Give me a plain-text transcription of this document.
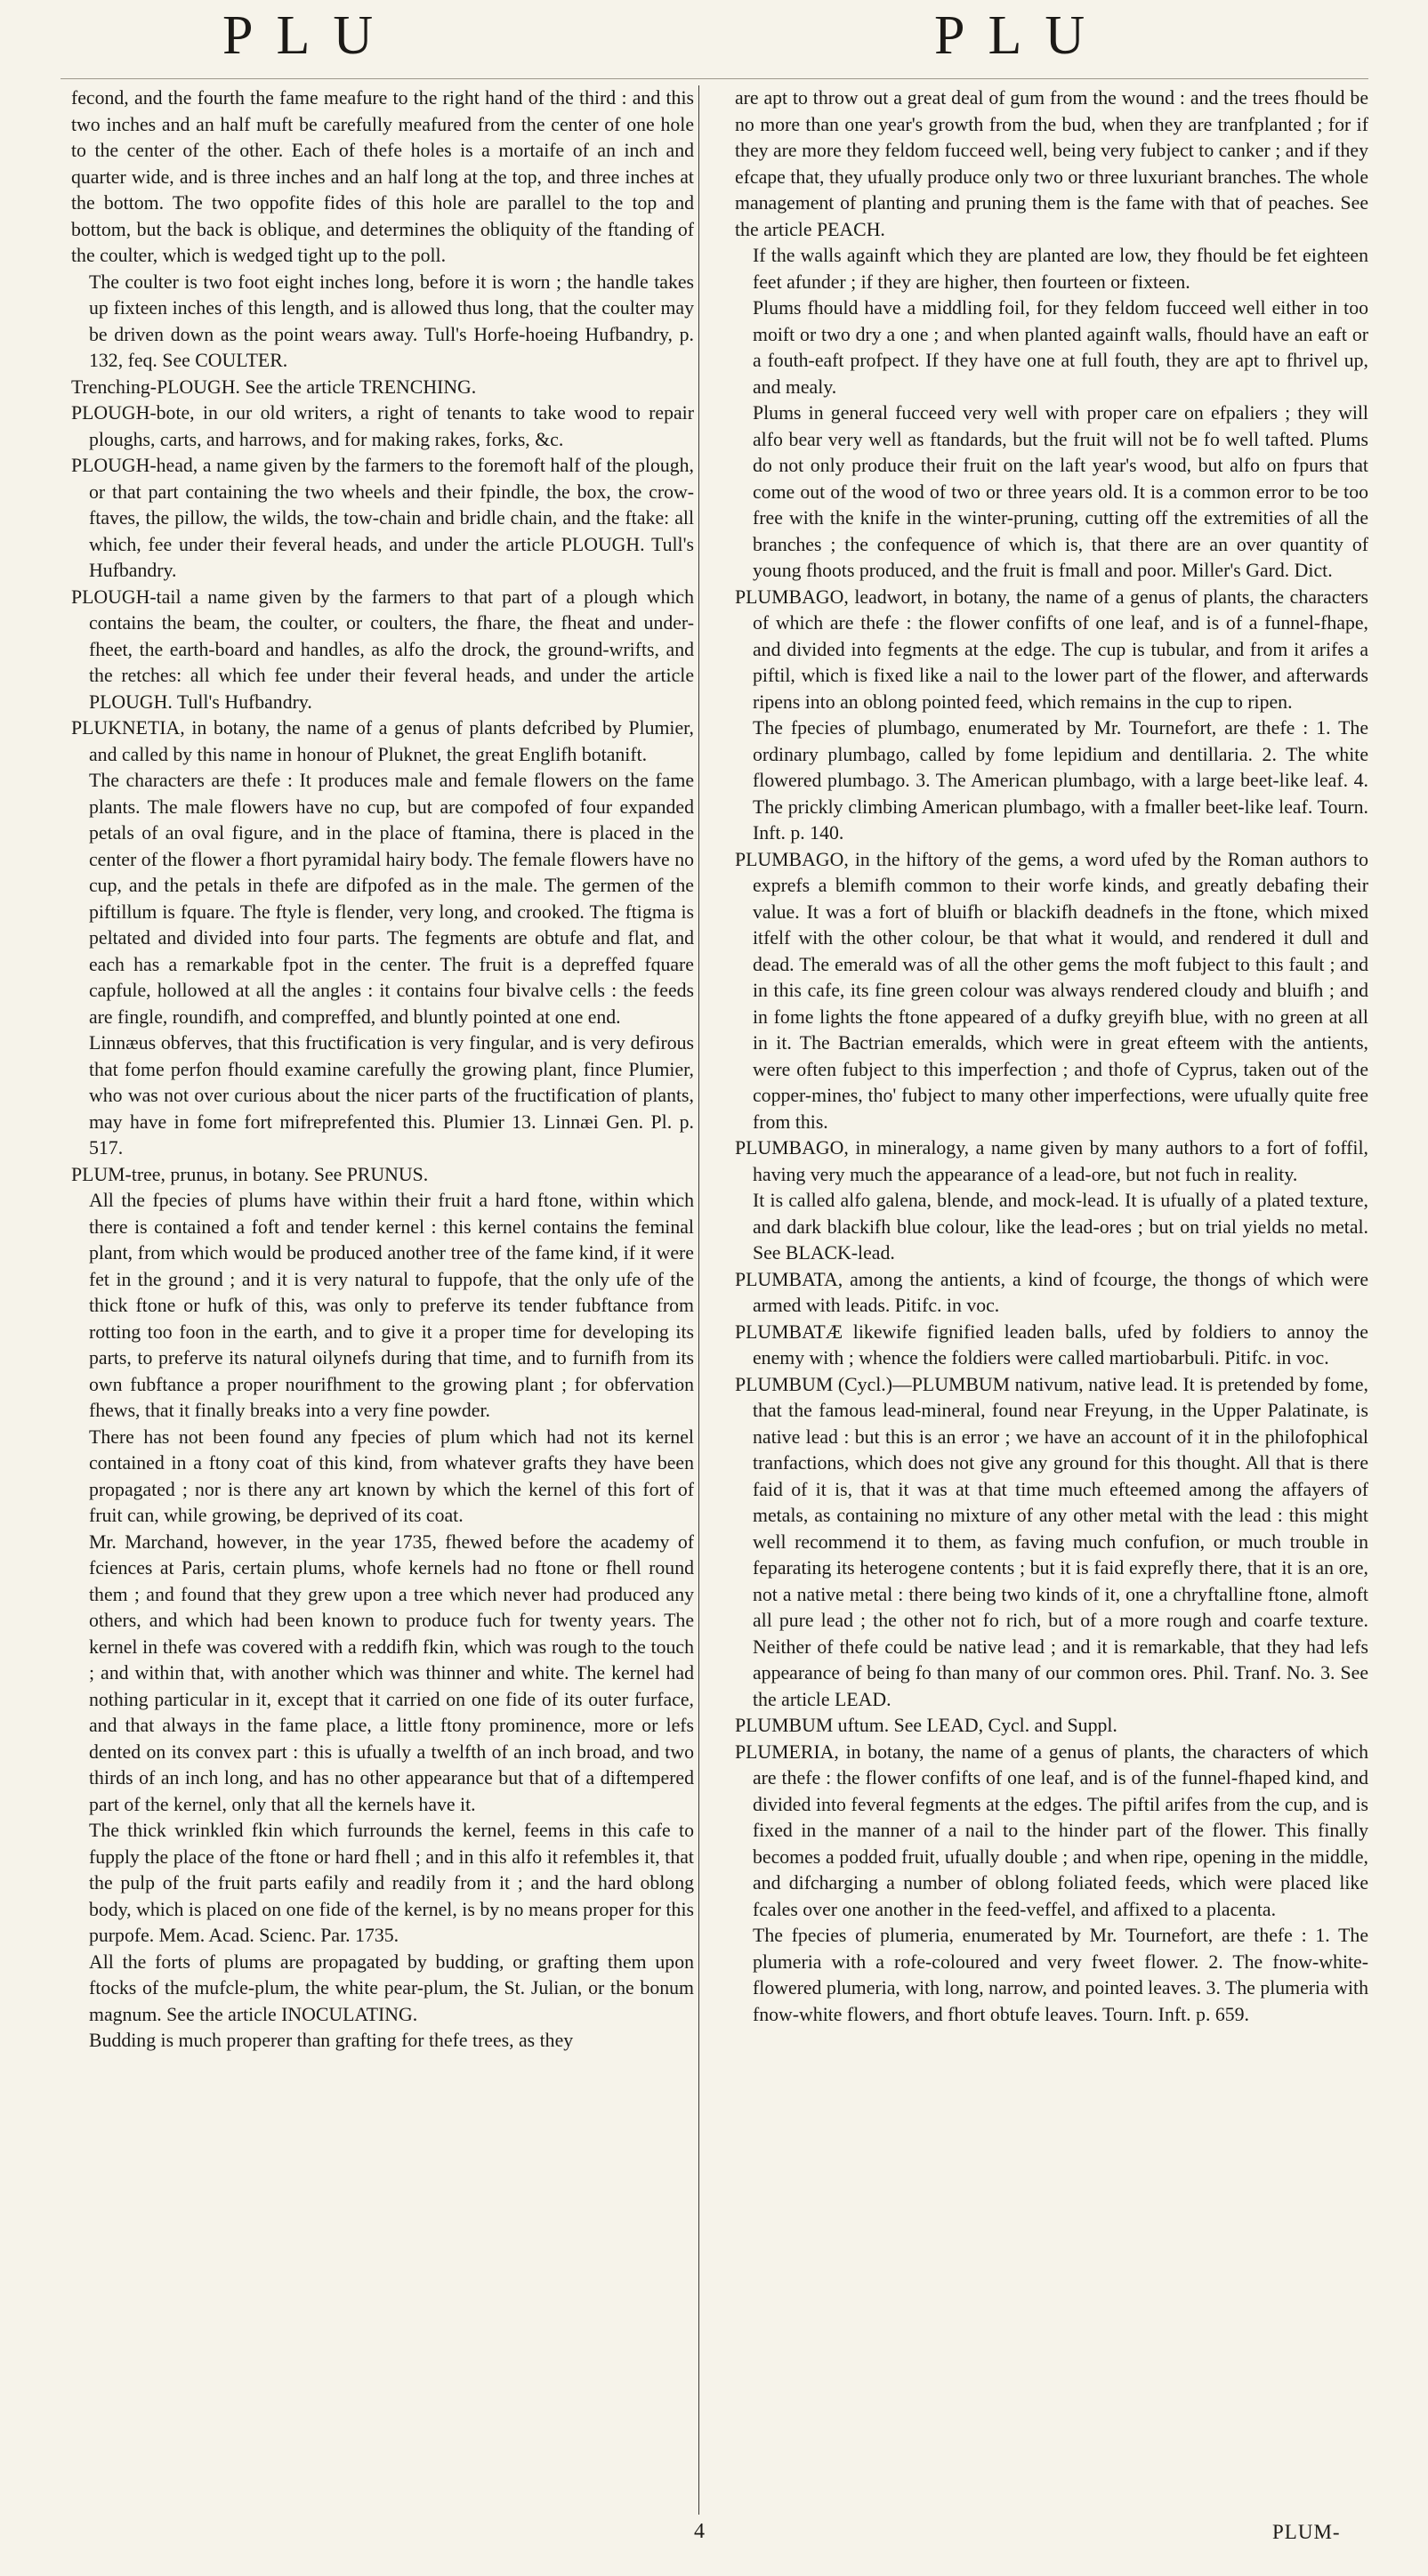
PLU	PLU

fecond, and the fourth the fame meafure to the right hand of the third : and this two inches and an half muft be carefully meafured from the center of one hole to the center of the other. Each of thefe holes is a mortaife of an inch and quarter wide, and is three inches and an half long at the top, and three inches at the bottom. The two oppofite fides of this hole are parallel to the top and bottom, but the back is oblique, and determines the obliquity of the ftanding of the coulter, which is wedged tight up to the poll.

The coulter is two foot eight inches long, before it is worn ; the handle takes up fixteen inches of this length, and is allowed thus long, that the coulter may be driven down as the point wears away. Tull's Horfe-hoeing Hufbandry, p. 132, feq. See COULTER.

Trenching-PLOUGH. See the article TRENCHING.

PLOUGH-bote, in our old writers, a right of tenants to take wood to repair ploughs, carts, and harrows, and for making rakes, forks, &c.

PLOUGH-head, a name given by the farmers to the foremoft half of the plough, or that part containing the two wheels and their fpindle, the box, the crow-ftaves, the pillow, the wilds, the tow-chain and bridle chain, and the ftake: all which, fee under their feveral heads, and under the article PLOUGH. Tull's Hufbandry.

PLOUGH-tail a name given by the farmers to that part of a plough which contains the beam, the coulter, or coulters, the fhare, the fheat and under-fheet, the earth-board and handles, as alfo the drock, the ground-wrifts, and the retches: all which fee under their feveral heads, and under the article PLOUGH. Tull's Hufbandry.

PLUKNETIA, in botany, the name of a genus of plants defcribed by Plumier, and called by this name in honour of Pluknet, the great Englifh botanift.

The characters are thefe : It produces male and female flowers on the fame plants. The male flowers have no cup, but are compofed of four expanded petals of an oval figure, and in the place of ftamina, there is placed in the center of the flower a fhort pyramidal hairy body. The female flowers have no cup, and the petals in thefe are difpofed as in the male. The germen of the piftillum is fquare. The ftyle is flender, very long, and crooked. The ftigma is peltated and divided into four parts. The fegments are obtufe and flat, and each has a remarkable fpot in the center. The fruit is a depreffed fquare capfule, hollowed at all the angles : it contains four bivalve cells : the feeds are fingle, roundifh, and compreffed, and bluntly pointed at one end.

Linnæus obferves, that this fructification is very fingular, and is very defirous that fome perfon fhould examine carefully the growing plant, fince Plumier, who was not over curious about the nicer parts of the fructification of plants, may have in fome fort mifreprefented this. Plumier 13. Linnæi Gen. Pl. p. 517.

PLUM-tree, prunus, in botany. See PRUNUS.

All the fpecies of plums have within their fruit a hard ftone, within which there is contained a foft and tender kernel : this kernel contains the feminal plant, from which would be produced another tree of the fame kind, if it were fet in the ground ; and it is very natural to fuppofe, that the only ufe of the thick ftone or hufk of this, was only to preferve its tender fubftance from rotting too foon in the earth, and to give it a proper time for developing its parts, to preferve its natural oilynefs during that time, and to furnifh from its own fubftance a proper nourifhment to the growing plant ; for obfervation fhews, that it finally breaks into a very fine powder.

There has not been found any fpecies of plum which had not its kernel contained in a ftony coat of this kind, from whatever grafts they have been propagated ; nor is there any art known by which the kernel of this fort of fruit can, while growing, be deprived of its coat.

Mr. Marchand, however, in the year 1735, fhewed before the academy of fciences at Paris, certain plums, whofe kernels had no ftone or fhell round them ; and found that they grew upon a tree which never had produced any others, and which had been known to produce fuch for twenty years. The kernel in thefe was covered with a reddifh fkin, which was rough to the touch ; and within that, with another which was thinner and white. The kernel had nothing particular in it, except that it carried on one fide of its outer furface, and that always in the fame place, a little ftony prominence, more or lefs dented on its convex part : this is ufually a twelfth of an inch broad, and two thirds of an inch long, and has no other appearance but that of a diftempered part of the kernel, only that all the kernels have it.

The thick wrinkled fkin which furrounds the kernel, feems in this cafe to fupply the place of the ftone or hard fhell ; and in this alfo it refembles it, that the pulp of the fruit parts eafily and readily from it ; and the hard oblong body, which is placed on one fide of the kernel, is by no means proper for this purpofe. Mem. Acad. Scienc. Par. 1735.

All the forts of plums are propagated by budding, or grafting them upon ftocks of the mufcle-plum, the white pear-plum, the St. Julian, or the bonum magnum. See the article INOCULATING.

Budding is much properer than grafting for thefe trees, as they

are apt to throw out a great deal of gum from the wound : and the trees fhould be no more than one year's growth from the bud, when they are tranfplanted ; for if they are more they feldom fucceed well, being very fubject to canker ; and if they efcape that, they ufually produce only two or three luxuriant branches. The whole management of planting and pruning them is the fame with that of peaches. See the article PEACH.

If the walls againft which they are planted are low, they fhould be fet eighteen feet afunder ; if they are higher, then fourteen or fixteen.

Plums fhould have a middling foil, for they feldom fucceed well either in too moift or two dry a one ; and when planted againft walls, fhould have an eaft or a fouth-eaft profpect. If they have one at full fouth, they are apt to fhrivel up, and mealy.

Plums in general fucceed very well with proper care on efpaliers ; they will alfo bear very well as ftandards, but the fruit will not be fo well tafted. Plums do not only produce their fruit on the laft year's wood, but alfo on fpurs that come out of the wood of two or three years old. It is a common error to be too free with the knife in the winter-pruning, cutting off the extremities of all the branches ; the confequence of which is, that there are an over quantity of young fhoots produced, and the fruit is fmall and poor. Miller's Gard. Dict.

PLUMBAGO, leadwort, in botany, the name of a genus of plants, the characters of which are thefe : the flower confifts of one leaf, and is of a funnel-fhape, and divided into fegments at the edge. The cup is tubular, and from it arifes a piftil, which is fixed like a nail to the lower part of the flower, and afterwards ripens into an oblong pointed feed, which remains in the cup to ripen.

The fpecies of plumbago, enumerated by Mr. Tournefort, are thefe : 1. The ordinary plumbago, called by fome lepidium and dentillaria. 2. The white flowered plumbago. 3. The American plumbago, with a large beet-like leaf. 4. The prickly climbing American plumbago, with a fmaller beet-like leaf. Tourn. Inft. p. 140.

PLUMBAGO, in the hiftory of the gems, a word ufed by the Roman authors to exprefs a blemifh common to their worfe kinds, and greatly debafing their value. It was a fort of bluifh or blackifh deadnefs in the ftone, which mixed itfelf with the other colour, be that what it would, and rendered it dull and dead. The emerald was of all the other gems the moft fubject to this fault ; and in this cafe, its fine green colour was always rendered cloudy and bluifh ; and in fome lights the ftone appeared of a dufky greyifh blue, with no green at all in it. The Bactrian emeralds, which were in great efteem with the antients, were often fubject to this imperfection ; and thofe of Cyprus, taken out of the copper-mines, tho' fubject to many other imperfections, were ufually quite free from this.

PLUMBAGO, in mineralogy, a name given by many authors to a fort of foffil, having very much the appearance of a lead-ore, but not fuch in reality.

It is called alfo galena, blende, and mock-lead. It is ufually of a plated texture, and dark blackifh blue colour, like the lead-ores ; but on trial yields no metal. See BLACK-lead.

PLUMBATA, among the antients, a kind of fcourge, the thongs of which were armed with leads. Pitifc. in voc.

PLUMBATÆ likewife fignified leaden balls, ufed by foldiers to annoy the enemy with ; whence the foldiers were called martiobarbuli. Pitifc. in voc.

PLUMBUM (Cycl.)—PLUMBUM nativum, native lead. It is pretended by fome, that the famous lead-mineral, found near Freyung, in the Upper Palatinate, is native lead : but this is an error ; we have an account of it in the philofophical tranfactions, which does not give any ground for this thought. All that is there faid of it is, that it was at that time much efteemed among the affayers of metals, as containing no mixture of any other metal with the lead : this might well recommend it to them, as faving much confufion, or much trouble in feparating its heterogene contents ; but it is faid exprefly there, that it is an ore, not a native metal : there being two kinds of it, one a chryftalline ftone, almoft all pure lead ; the other not fo rich, but of a more rough and coarfe texture. Neither of thefe could be native lead ; and it is remarkable, that they had lefs appearance of being fo than many of our common ores. Phil. Tranf. No. 3. See the article LEAD.

PLUMBUM uftum. See LEAD, Cycl. and Suppl.

PLUMERIA, in botany, the name of a genus of plants, the characters of which are thefe : the flower confifts of one leaf, and is of the funnel-fhaped kind, and divided into feveral fegments at the edges. The piftil arifes from the cup, and is fixed in the manner of a nail to the hinder part of the flower. This finally becomes a podded fruit, ufually double ; and when ripe, opening in the middle, and difcharging a number of oblong foliated feeds, which were placed like fcales over one another in the feed-veffel, and affixed to a placenta.

The fpecies of plumeria, enumerated by Mr. Tournefort, are thefe : 1. The plumeria with a rofe-coloured and very fweet flower. 2. The fnow-white-flowered plumeria, with long, narrow, and pointed leaves. 3. The plumeria with fnow-white flowers, and fhort obtufe leaves. Tourn. Inft. p. 659.

4	PLUM-
